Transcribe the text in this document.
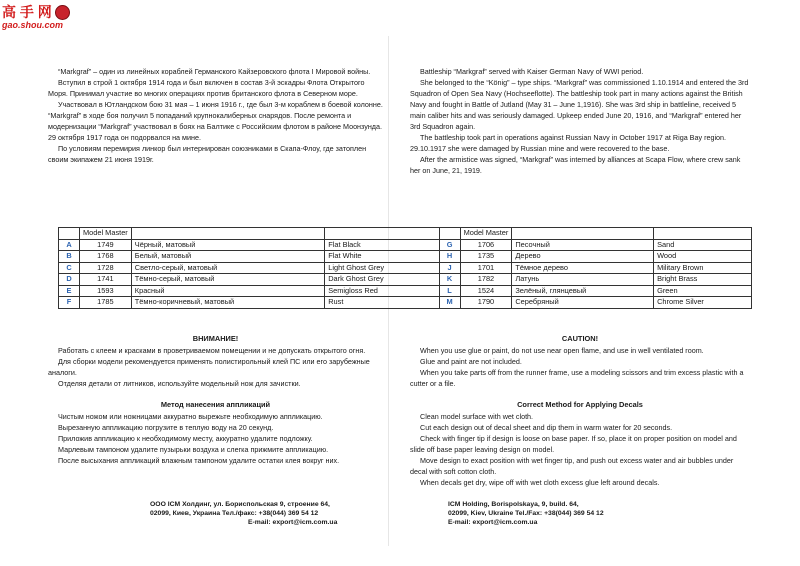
高 手 网
gao.shou.com

“Markgraf” – один из линейных кораблей Германского Кайзеровского флота I Мировой войны.

Вступил в строй 1 октября 1914 года и был включен в состав 3-й эскадры Флота Открытого Моря. Принимал участие во многих операциях против британского флота в Северном море.

Участвовал в Ютландском бою 31 мая – 1 июня 1916 г., где был 3-м кораблем в боевой колонне. “Markgraf” в ходе боя получил 5 попаданий крупнокалиберных снарядов. После ремонта и модернизации “Markgraf” участвовал в боях на Балтике с Российским флотом в районе Моонзунда. 29 октября 1917 года он подорвался на мине.

По условиям перемирия линкор был интернирован союзниками в Скапа-Флоу, где затоплен своим экипажем 21 июня 1919г.

Battleship “Markgraf” served with Kaiser German Navy of WWI period.

She belonged to the “König” – type ships. “Markgraf” was commissioned 1.10.1914 and entered the 3rd Squadron of Open Sea Navy (Hochseeflotte). The battleship took part in many actions against the British Navy and fought in Battle of Jutland (May 31 – June 1,1916). She was 3rd ship in battleline, received 5 main caliber hits and was seriously damaged. Upkeep ended June 20, 1916, and “Markgraf” entered her 3rd Squadron again.

The battleship took part in operations against Russian Navy in October 1917 at Riga Bay region. 29.10.1917 she were damaged by Russian mine and were recovered to the base.

After the armistice was signed, “Markgraf” was interned by alliances at Scapa Flow, where crew sank her on June, 21, 1919.

	Model Master				Model Master		
A	1749	Чёрный, матовый	Flat Black	G	1706	Песочный	Sand
B	1768	Белый, матовый	Flat White	H	1735	Дерево	Wood
C	1728	Светло-серый, матовый	Light Ghost Grey	J	1701	Тёмное дерево	Military Brown
D	1741	Тёмно-серый, матовый	Dark Ghost Grey	K	1782	Латунь	Bright Brass
E	1593	Красный	Semigloss Red	L	1524	Зелёный, глянцевый	Green
F	1785	Тёмно-коричневый, матовый	Rust	M	1790	Серебряный	Chrome Silver
ВНИМАНИЕ!

Работать с клеем и красками в проветриваемом помещении и не допускать открытого огня.

Для сборки модели рекомендуется применять полистирольный клей ПС или его зарубежные аналоги.

Отделяя детали от литников, используйте модельный нож для зачистки.

CAUTION!

When you use glue or paint, do not use near open flame, and use in well ventilated room.

Glue and paint are not included.

When you take parts off from the runner frame, use a modeling scissors and trim excess plastic with a cutter or a file.

Метод нанесения аппликаций

Чистым ножом или ножницами аккуратно вырежьте необходимую аппликацию.

Вырезанную аппликацию погрузите в теплую воду на 20 секунд.

Приложив аппликацию к необходимому месту, аккуратно удалите подложку.

Марлевым тампоном удалите пузырьки воздуха и слегка прижмите аппликацию.

После высыхания аппликаций влажным тампоном удалите остатки клея вокруг них.

Correct Method for Applying Decals

Clean model surface with wet cloth.

Cut each design out of decal sheet and dip them in warm water for 20 seconds.

Check with finger tip if design is loose on base paper. If so, place it on proper position on model and slide off base paper leaving design on model.

Move design to exact position with wet finger tip, and push out excess water and air bubbles under decal with soft cotton cloth.

When decals get dry, wipe off with wet cloth excess glue left around decals.

ООО ICM Холдинг, ул. Бориспольская 9, строение 64,
02099, Киев, Украина Тел./факс: +38(044) 369 54 12
E-mail: export@icm.com.ua
ICM Holding, Borispolskaya, 9, build. 64,
02099, Kiev, Ukraine Tel./Fax: +38(044) 369 54 12
E-mail: export@icm.com.ua
